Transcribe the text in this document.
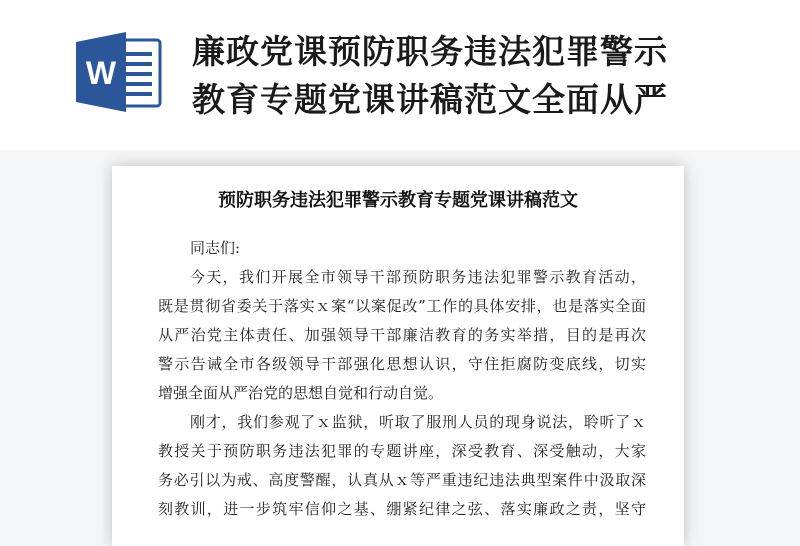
W
廉政党课预防职务违法犯罪警示
教育专题党课讲稿范文全面从严
预防职务违法犯罪警示教育专题党课讲稿范文

同志们:

今天，我们开展全市领导干部预防职务违法犯罪警示教育活动，
既是贯彻省委关于落实ｘ案“以案促改”工作的具体安排，也是落实全面
从严治党主体责任、加强领导干部廉洁教育的务实举措，目的是再次
警示告诫全市各级领导干部强化思想认识，守住拒腐防变底线，切实
增强全面从严治党的思想自觉和行动自觉。

刚才，我们参观了ｘ监狱，听取了服刑人员的现身说法，聆听了ｘ
教授关于预防职务违法犯罪的专题讲座，深受教育、深受触动，大家
务必引以为戒、高度警醒，认真从ｘ等严重违纪违法典型案件中汲取深
刻教训，进一步筑牢信仰之基、绷紧纪律之弦、落实廉政之责，坚守
